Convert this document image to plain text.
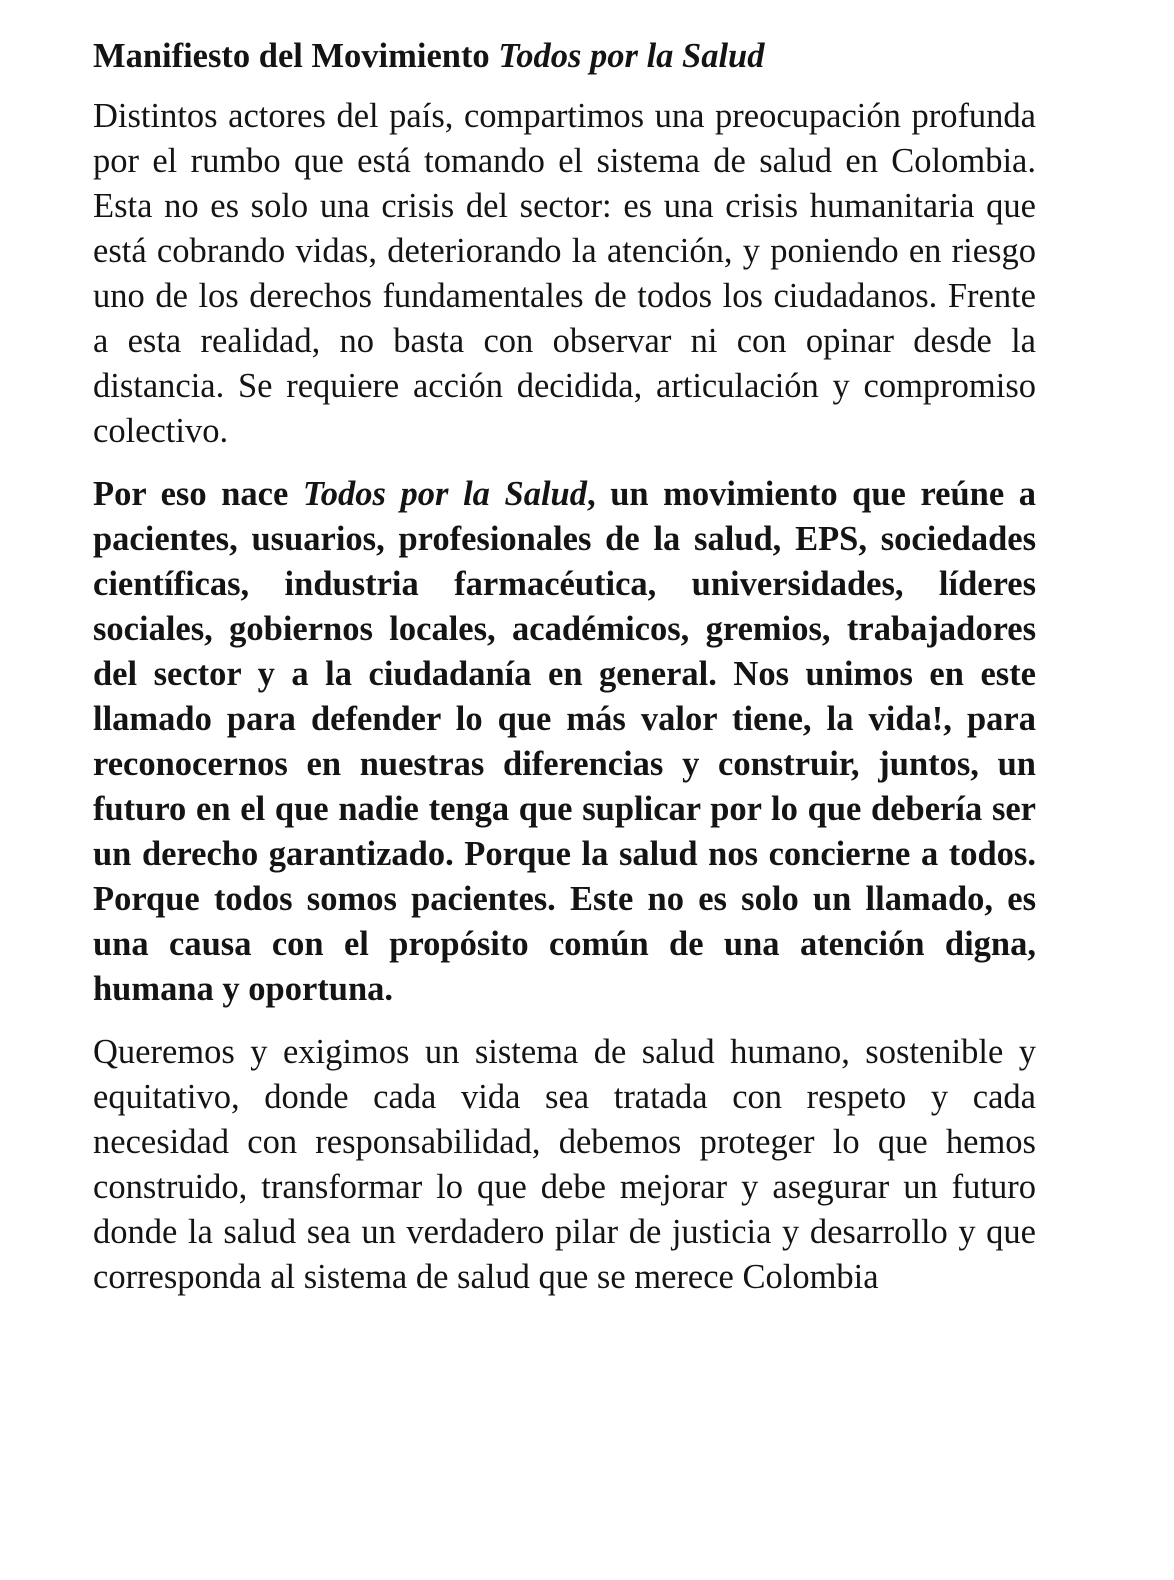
Manifiesto del Movimiento Todos por la Salud

Distintos actores del país, compartimos una preocupación profunda por el rumbo que está tomando el sistema de salud en Colombia. Esta no es solo una crisis del sector: es una crisis humanitaria que está cobrando vidas, deteriorando la atención, y poniendo en riesgo uno de los derechos fundamentales de todos los ciudadanos. Frente a esta realidad, no basta con observar ni con opinar desde la distancia. Se requiere acción decidida, articulación y compromiso colectivo.

Por eso nace Todos por la Salud, un movimiento que reúne a pacientes, usuarios, profesionales de la salud, EPS, sociedades científicas, industria farmacéutica, universidades, líderes sociales, gobiernos locales, académicos, gremios, trabajadores del sector y a la ciudadanía en general. Nos unimos en este llamado para defender lo que más valor tiene, la vida!, para reconocernos en nuestras diferencias y construir, juntos, un futuro en el que nadie tenga que suplicar por lo que debería ser un derecho garantizado. Porque la salud nos concierne a todos. Porque todos somos pacientes. Este no es solo un llamado, es una causa con el propósito común de una atención digna, humana y oportuna.

Queremos y exigimos un sistema de salud humano, sostenible y equitativo, donde cada vida sea tratada con respeto y cada necesidad con responsabilidad, debemos proteger lo que hemos construido, transformar lo que debe mejorar y asegurar un futuro donde la salud sea un verdadero pilar de justicia y desarrollo y que corresponda al sistema de salud que se merece Colombia
